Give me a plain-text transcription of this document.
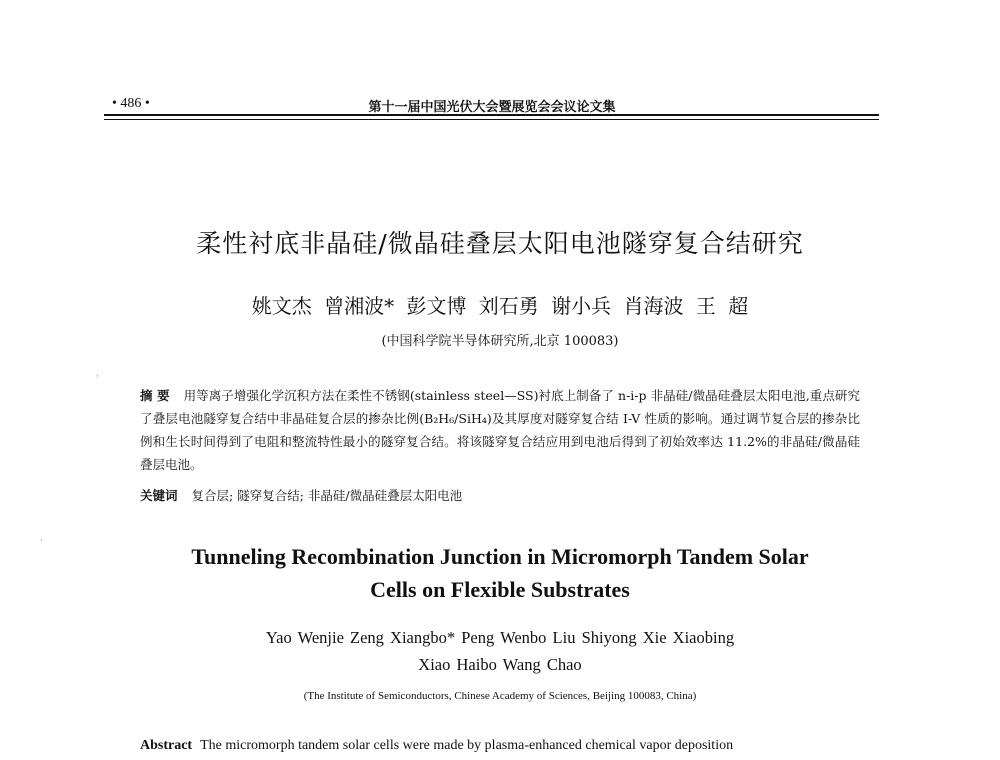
• 486 •	第十一届中国光伏大会暨展览会会议论文集
·
·
柔性衬底非晶硅/微晶硅叠层太阳电池隧穿复合结研究
姚文杰 曾湘波* 彭文博 刘石勇 谢小兵 肖海波 王 超
(中国科学院半导体研究所,北京 100083)
摘 要 用等离子增强化学沉积方法在柔性不锈钢(stainless steel—SS)衬底上制备了 n-i-p 非晶硅/微晶硅叠层太阳电池,重点研究了叠层电池隧穿复合结中非晶硅复合层的掺杂比例(B₂H₆/SiH₄)及其厚度对隧穿复合结 I-V 性质的影响。通过调节复合层的掺杂比例和生长时间得到了电阻和整流特性最小的隧穿复合结。将该隧穿复合结应用到电池后得到了初始效率达 11.2%的非晶硅/微晶硅叠层电池。
关键词 复合层; 隧穿复合结; 非晶硅/微晶硅叠层太阳电池
Tunneling Recombination Junction in Micromorph Tandem Solar
Cells on Flexible Substrates
Yao Wenjie Zeng Xiangbo* Peng Wenbo Liu Shiyong Xie Xiaobing
Xiao Haibo Wang Chao
(The Institute of Semiconductors, Chinese Academy of Sciences, Beijing 100083, China)
Abstract The micromorph tandem solar cells were made by plasma-enhanced chemical vapor deposition
